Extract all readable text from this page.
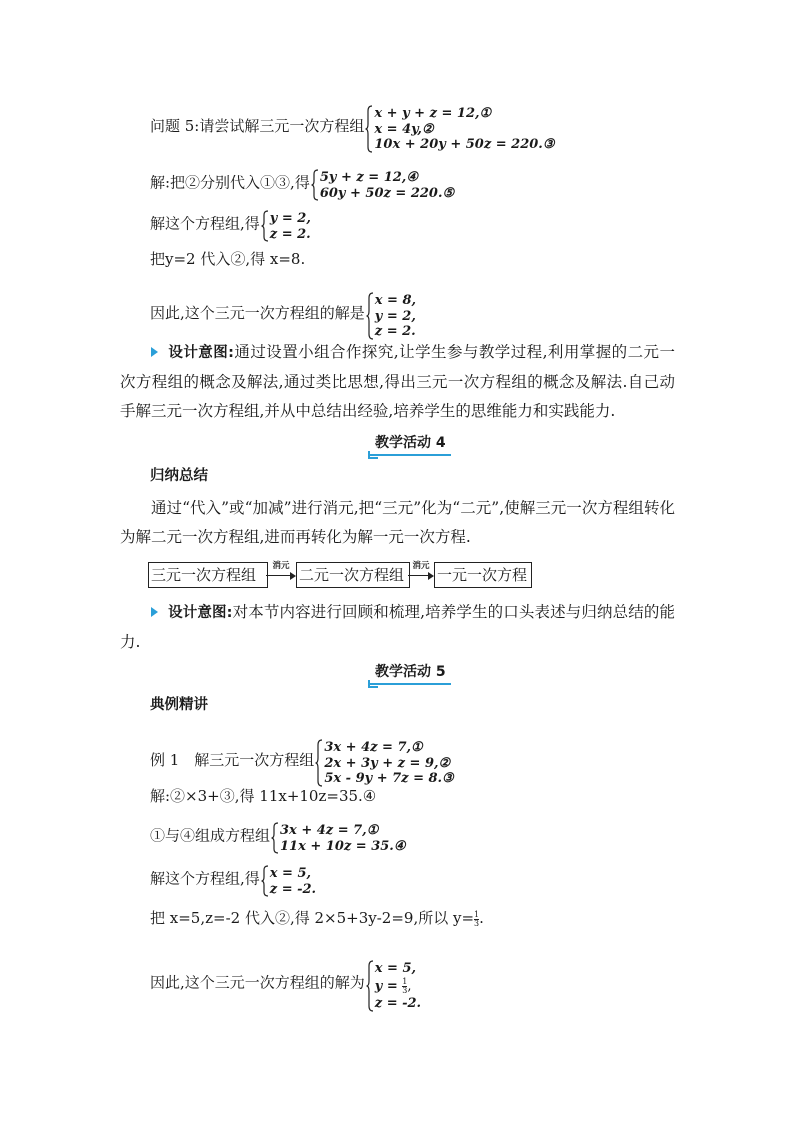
问题 5:请尝试解三元一次方程组
x + y + z = 12,①
x = 4y,②
10x + 20y + 50z = 220.③
解:把②分别代入①③,得 5y + z = 12,④
60y + 50z = 220.⑤
解这个方程组,得 y = 2,
z = 2.
把y=2 代入②,得 x=8.
因此,这个三元一次方程组的解是
x = 8,
y = 2,
z = 2.
设计意图:通过设置小组合作探究,让学生参与教学过程,利用掌握的二元一次方程组的概念及解法,通过类比思想,得出三元一次方程组的概念及解法.自己动手解三元一次方程组,并从中总结出经验,培养学生的思维能力和实践能力.
教学活动 4
归纳总结
通过“代入”或“加减”进行消元,把“三元”化为“二元”,使解三元一次方程组转化为解二元一次方程组,进而再转化为解一元一次方程.
三元一次方程组	消元 二元一次方程组 消元 一元一次方程
设计意图:对本节内容进行回顾和梳理,培养学生的口头表述与归纳总结的能力.
教学活动 5
典例精讲
例 1　解三元一次方程组
3x + 4z = 7,①
2x + 3y + z = 9,②
5x - 9y + 7z = 8.③
解:②×3+③,得 11x+10z=35.④
①与④组成方程组 3x + 4z = 7,①
11x + 10z = 35.④
解这个方程组,得 x = 5,
z = -2.
把 x=5,z=-2 代入②,得 2×5+3y-2=9,所以 $y=\frac{1}{3}$ .
因此,这个三元一次方程组的解为
x = 5,
$y = \frac{1}{3}$ ,
z = -2.
